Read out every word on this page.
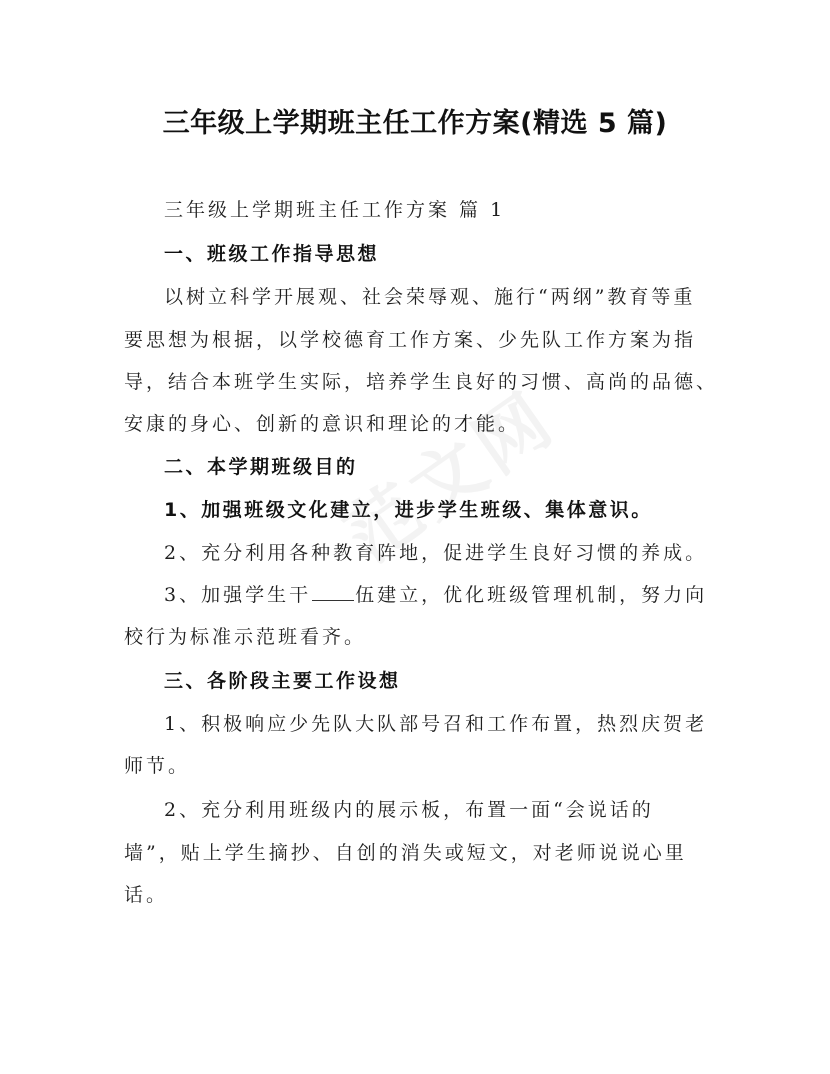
三年级上学期班主任工作方案(精选 5 篇)
三年级上学期班主任工作方案 篇 1
一、班级工作指导思想
以树立科学开展观、社会荣辱观、施行“两纲”教育等重
要思想为根据，以学校德育工作方案、少先队工作方案为指
导，结合本班学生实际，培养学生良好的习惯、高尚的品德、
安康的身心、创新的意识和理论的才能。
二、本学期班级目的
1、加强班级文化建立，进步学生班级、集体意识。
2、充分利用各种教育阵地，促进学生良好习惯的养成。
3、加强学生干 伍建立，优化班级管理机制，努力向
校行为标准示范班看齐。
三、各阶段主要工作设想
1、积极响应少先队大队部号召和工作布置，热烈庆贺老
师节。
2、充分利用班级内的展示板，布置一面“会说话的
墙”，贴上学生摘抄、自创的消失或短文，对老师说说心里
话。
